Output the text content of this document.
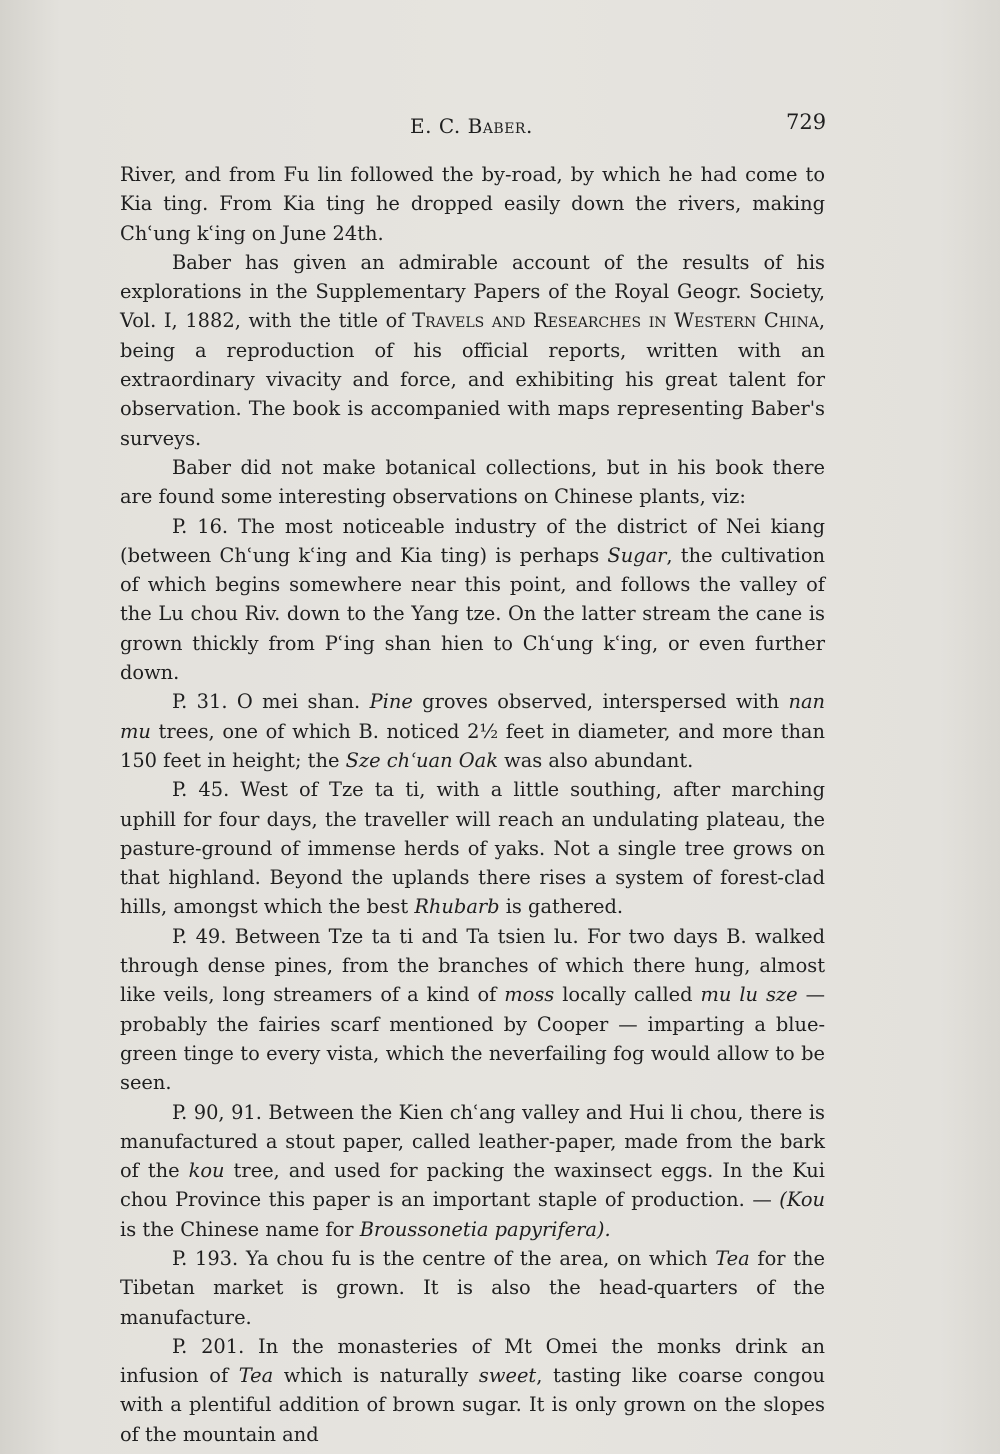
E. C. Baber.	729

River, and from Fu lin followed the by-road, by which he had come to Kia ting. From Kia ting he dropped easily down the rivers, making Chʿung kʿing on June 24th.

Baber has given an admirable account of the results of his explorations in the Supplementary Papers of the Royal Geogr. Society, Vol. I, 1882, with the title of Travels and Researches in Western China, being a reproduction of his official reports, written with an extraordinary vivacity and force, and exhibiting his great talent for observation. The book is accompanied with maps representing Baber's surveys.

Baber did not make botanical collections, but in his book there are found some interesting observations on Chinese plants, viz:

P. 16. The most noticeable industry of the district of Nei kiang (between Chʿung kʿing and Kia ting) is perhaps Sugar, the cultivation of which begins somewhere near this point, and follows the valley of the Lu chou Riv. down to the Yang tze. On the latter stream the cane is grown thickly from Pʿing shan hien to Chʿung kʿing, or even further down.

P. 31. O mei shan. Pine groves observed, interspersed with nan mu trees, one of which B. noticed 2½ feet in diameter, and more than 150 feet in height; the Sze chʿuan Oak was also abundant.

P. 45. West of Tze ta ti, with a little southing, after marching uphill for four days, the traveller will reach an undulating plateau, the pasture-ground of immense herds of yaks. Not a single tree grows on that highland. Beyond the uplands there rises a system of forest-clad hills, amongst which the best Rhubarb is gathered.

P. 49. Between Tze ta ti and Ta tsien lu. For two days B. walked through dense pines, from the branches of which there hung, almost like veils, long streamers of a kind of moss locally called mu lu sze — probably the fairies scarf mentioned by Cooper — imparting a blue-green tinge to every vista, which the neverfailing fog would allow to be seen.

P. 90, 91. Between the Kien chʿang valley and Hui li chou, there is manufactured a stout paper, called leather-paper, made from the bark of the kou tree, and used for packing the waxinsect eggs. In the Kui chou Province this paper is an important staple of production. — (Kou is the Chinese name for Broussonetia papyrifera).

P. 193. Ya chou fu is the centre of the area, on which Tea for the Tibetan market is grown. It is also the head-quarters of the manufacture.

P. 201. In the monasteries of Mt Omei the monks drink an infusion of Tea which is naturally sweet, tasting like coarse congou with a plentiful addition of brown sugar. It is only grown on the slopes of the mountain and
